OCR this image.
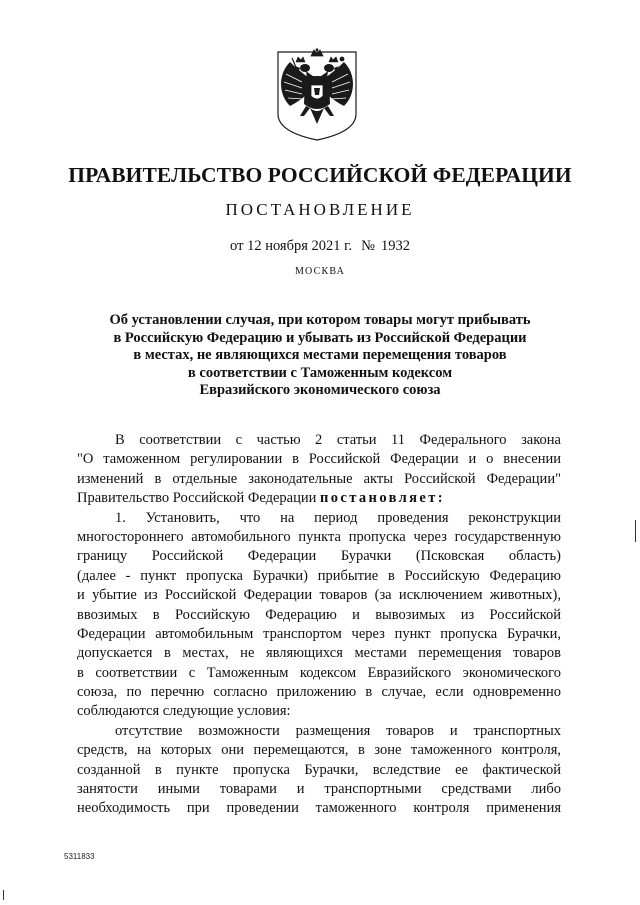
ПРАВИТЕЛЬСТВО РОССИЙСКОЙ ФЕДЕРАЦИИ
ПОСТАНОВЛЕНИЕ
от 12 ноября 2021 г. № 1932
МОСКВА
Об установлении случая, при котором товары могут прибывать
в Российскую Федерацию и убывать из Российской Федерации
в местах, не являющихся местами перемещения товаров
в соответствии с Таможенным кодексом
Евразийского экономического союза
В соответствии с частью 2 статьи 11 Федерального закона
"О таможенном регулировании в Российской Федерации и о внесении
изменений в отдельные законодательные акты Российской Федерации"
Правительство Российской Федерации постановляет:
1. Установить, что на период проведения реконструкции
многостороннего автомобильного пункта пропуска через государственную
границу Российской Федерации Бурачки (Псковская область)
(далее - пункт пропуска Бурачки) прибытие в Российскую Федерацию
и убытие из Российской Федерации товаров (за исключением животных),
ввозимых в Российскую Федерацию и вывозимых из Российской
Федерации автомобильным транспортом через пункт пропуска Бурачки,
допускается в местах, не являющихся местами перемещения товаров
в соответствии с Таможенным кодексом Евразийского экономического
союза, по перечню согласно приложению в случае, если одновременно
соблюдаются следующие условия:
отсутствие возможности размещения товаров и транспортных
средств, на которых они перемещаются, в зоне таможенного контроля,
созданной в пункте пропуска Бурачки, вследствие ее фактической
занятости иными товарами и транспортными средствами либо
необходимость при проведении таможенного контроля применения
5311833
